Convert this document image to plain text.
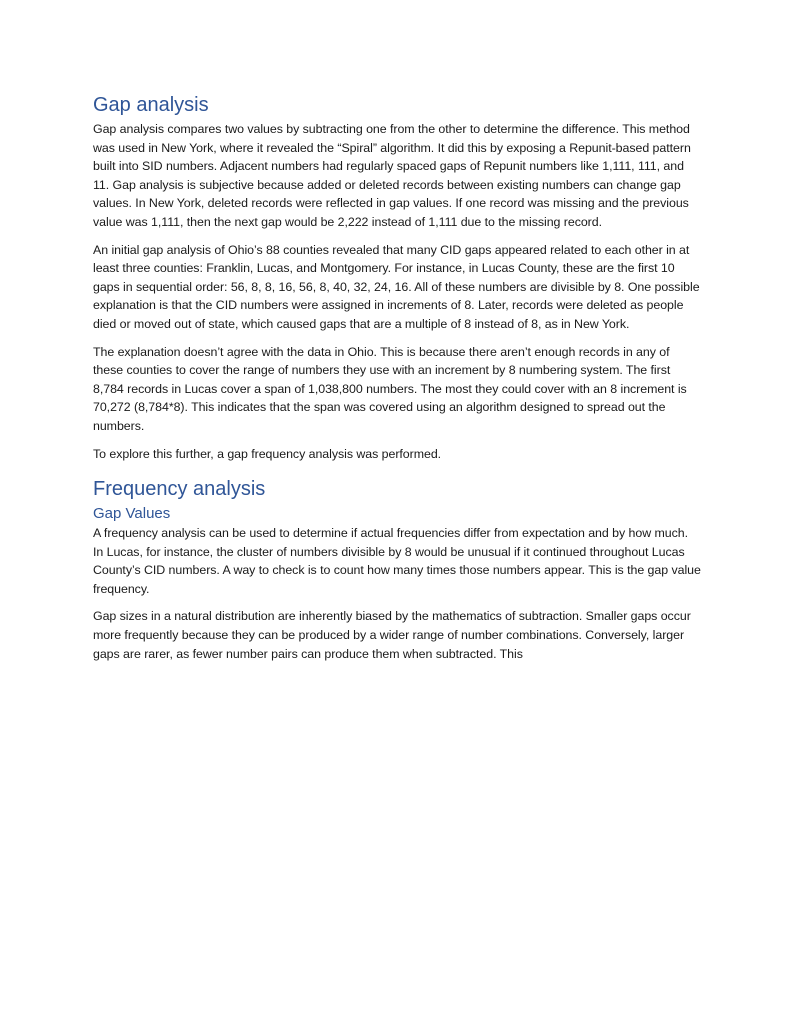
Gap analysis

Gap analysis compares two values by subtracting one from the other to determine the difference. This method was used in New York, where it revealed the “Spiral” algorithm. It did this by exposing a Repunit-based pattern built into SID numbers. Adjacent numbers had regularly spaced gaps of Repunit numbers like 1,111, 111, and 11. Gap analysis is subjective because added or deleted records between existing numbers can change gap values. In New York, deleted records were reflected in gap values. If one record was missing and the previous value was 1,111, then the next gap would be 2,222 instead of 1,111 due to the missing record.

An initial gap analysis of Ohio’s 88 counties revealed that many CID gaps appeared related to each other in at least three counties: Franklin, Lucas, and Montgomery. For instance, in Lucas County, these are the first 10 gaps in sequential order: 56, 8, 8, 16, 56, 8, 40, 32, 24, 16. All of these numbers are divisible by 8. One possible explanation is that the CID numbers were assigned in increments of 8. Later, records were deleted as people died or moved out of state, which caused gaps that are a multiple of 8 instead of 8, as in New York.

The explanation doesn’t agree with the data in Ohio. This is because there aren’t enough records in any of these counties to cover the range of numbers they use with an increment by 8 numbering system. The first 8,784 records in Lucas cover a span of 1,038,800 numbers. The most they could cover with an 8 increment is 70,272 (8,784*8). This indicates that the span was covered using an algorithm designed to spread out the numbers.

To explore this further, a gap frequency analysis was performed.

Frequency analysis
Gap Values

A frequency analysis can be used to determine if actual frequencies differ from expectation and by how much. In Lucas, for instance, the cluster of numbers divisible by 8 would be unusual if it continued throughout Lucas County’s CID numbers. A way to check is to count how many times those numbers appear. This is the gap value frequency.

Gap sizes in a natural distribution are inherently biased by the mathematics of subtraction. Smaller gaps occur more frequently because they can be produced by a wider range of number combinations. Conversely, larger gaps are rarer, as fewer number pairs can produce them when subtracted. This
